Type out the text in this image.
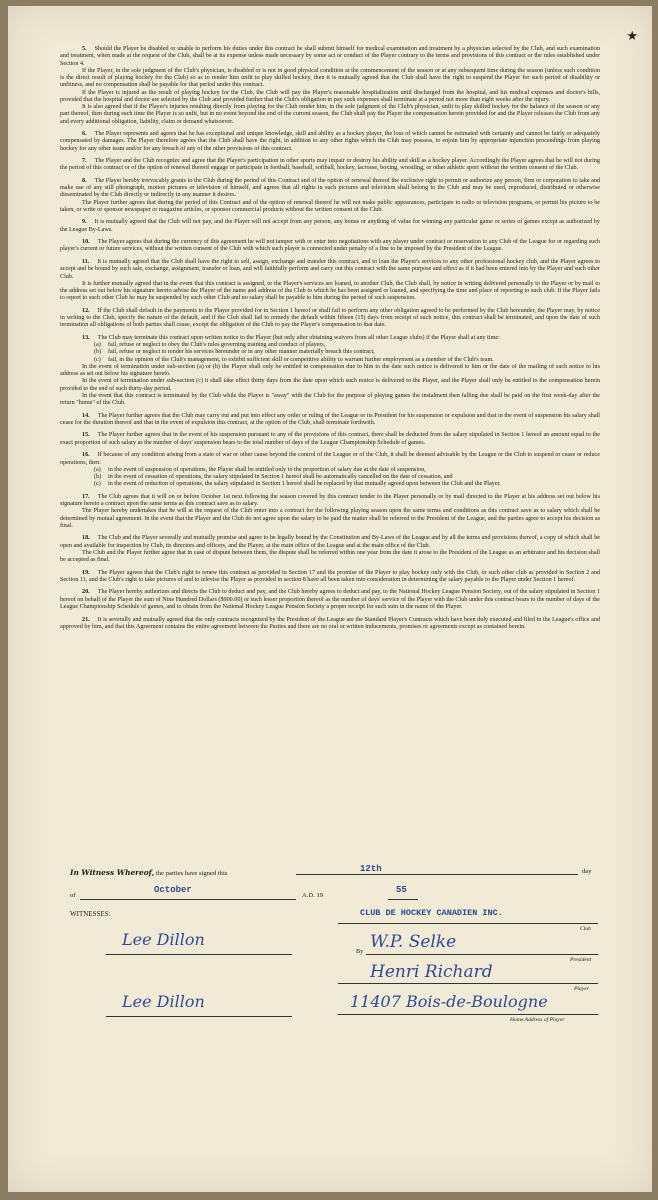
★

5. Should the Player be disabled or unable to perform his duties under this contract he shall submit himself for medical examination and treatment by a physician selected by the Club, and such examination and treatment, when made at the request of the Club, shall be at its expense unless made necessary by some act or conduct of the Player contrary to the terms and provisions of this contract or the rules established under Section 4.

If the Player, in the sole judgment of the Club's physician, is disabled or is not in good physical condition at the commencement of the season or at any subsequent time during the season (unless such condition is the direct result of playing hockey for the Club) so as to render him unfit to play skilled hockey, then it is mutually agreed that the Club shall have the right to suspend the Player for such period of disability or unfitness, and no compensation shall be payable for that period under this contract.

If the Player is injured as the result of playing hockey for the Club, the Club will pay the Player's reasonable hospitalization until discharged from the hospital, and his medical expenses and doctor's bills, provided that the hospital and doctor are selected by the Club and provided further that the Club's obligation to pay such expenses shall terminate at a period not more than eight weeks after the injury.

It is also agreed that if the Player's injuries resulting directly from playing for the Club render him, in the sole judgment of the Club's physician, unfit to play skilled hockey for the balance of the season or any part thereof, then during such time the Player is so unfit, but in no event beyond the end of the current season, the Club shall pay the Player the compensation herein provided for and the Player releases the Club from any and every additional obligation, liability, claim or demand whatsoever.

6. The Player represents and agrees that he has exceptional and unique knowledge, skill and ability as a hockey player, the loss of which cannot be estimated with certainty and cannot be fairly or adequately compensated by damages. The Player therefore agrees that the Club shall have the right, in addition to any other rights which the Club may possess, to enjoin him by appropriate injunction proceedings from playing hockey for any other team and/or for any breach of any of the other provisions of this contract.

7. The Player and the Club recognize and agree that the Player's participation in other sports may impair or destroy his ability and skill as a hockey player. Accordingly the Player agrees that he will not during the period of this contract or of the option of renewal thereof engage or participate in football, baseball, softball, hockey, lacrosse, boxing, wrestling, or other athletic sport without the written consent of the Club.

8. The Player hereby irrevocably grants to the Club during the period of this Contract and of the option of renewal thereof the exclusive right to permit or authorize any person, firm or corporation to take and make use of any still photograph, motion pictures or television of himself, and agrees that all rights in such pictures and television shall belong to the Club and may be used, reproduced, distributed or otherwise disseminated by the Club directly or indirectly in any manner it desires.

The Player further agrees that during the period of this Contract and of the option of renewal thereof he will not make public appearances, participate in radio or television programs, or permit his picture to be taken, or write or sponsor newspaper or magazine articles, or sponsor commercial products without the written consent of the Club.

9. It is mutually agreed that the Club will not pay, and the Player will not accept from any person, any bonus or anything of value for winning any particular game or series of games except as authorized by the League By-Laws.

10. The Player agrees that during the currency of this agreement he will not tamper with or enter into negotiations with any player under contract or reservation to any Club of the League for or regarding such player's current or future services, without the written consent of the Club with which such player is connected under penalty of a fine to be imposed by the President of the League.

11. It is mutually agreed that the Club shall have the right to sell, assign, exchange and transfer this contract, and to loan the Player's services to any other professional hockey club, and the Player agrees to accept and be bound by such sale, exchange, assignment, transfer or loan, and will faithfully perform and carry out this contract with the same purpose and effect as if it had been entered into by the Player and such other Club.

It is further mutually agreed that in the event that this contract is assigned, or the Player's services are loaned, to another Club, the Club shall, by notice in writing delivered personally to the Player or by mail to the address set out below his signature hereto advise the Player of the name and address of the Club to which he has been assigned or loaned, and specifying the time and place of reporting to such club. If the Player fails to report to such other Club he may be suspended by such other Club and no salary shall be payable to him during the period of such suspension.

12. If the Club shall default in the payments to the Player provided for in Section 1 hereof or shall fail to perform any other obligation agreed to be performed by the Club hereunder, the Player may, by notice in writing to the Club, specify the nature of the default, and if the Club shall fail to remedy the default within fifteen (15) days from receipt of such notice, this contract shall be terminated, and upon the date of such termination all obligations of both parties shall cease, except the obligation of the Club to pay the Player's compensation to that date.

13. The Club may terminate this contract upon written notice to the Player (but only after obtaining waivers from all other League clubs) if the Player shall at any time:

(a) fail, refuse or neglect to obey the Club's rules governing training and conduct of players,
(b) fail, refuse or neglect to render his services hereunder or in any other manner materially breach this contract,
(c) fail, in the opinion of the Club's management, to exhibit sufficient skill or competitive ability to warrant further employment as a member of the Club's team.

In the event of termination under sub-section (a) or (b) the Player shall only be entitled to compensation due to him to the date such notice is delivered to him or the date of the mailing of such notice to his address as set out below his signature hereto.

In the event of termination under sub-section (c) it shall take effect thirty days from the date upon which such notice is delivered to the Player, and the Player shall only be entitled to the compensation herein provided to the end of such thirty-day period.

In the event that this contract is terminated by the Club while the Player is "away" with the Club for the purpose of playing games the instalment then falling due shall be paid on the first week-day after the return "home" of the Club.

14. The Player further agrees that the Club may carry out and put into effect any order or ruling of the League or its President for his suspension or expulsion and that in the event of suspension his salary shall cease for the duration thereof and that in the event of expulsion this contract, at the option of the Club, shall terminate forthwith.

15. The Player further agrees that in the event of his suspension pursuant to any of the provisions of this contract, there shall be deducted from the salary stipulated in Section 1 hereof an amount equal to the exact proportion of such salary as the number of days' suspension bears to the total number of days of the League Championship Schedule of games.

16. If because of any condition arising from a state of war or other cause beyond the control of the League or of the Club, it shall be deemed advisable by the League or the Club to suspend or cease or reduce operations, then:

(a) in the event of suspension of operations, the Player shall be entitled only to the proportion of salary due at the date of suspension,
(b) in the event of cessation of operations, the salary stipulated in Section 1 hereof shall be automatically cancelled on the date of cessation, and
(c) in the event of reduction of operations, the salary stipulated in Section 1 hereof shall be replaced by that mutually agreed upon between the Club and the Player.

17. The Club agrees that it will on or before October 1st next following the season covered by this contract tender to the Player personally or by mail directed to the Player at his address set out below his signature hereto a contract upon the same terms as this contract save as to salary.

The Player hereby undertakes that he will at the request of the Club enter into a contract for the following playing season upon the same terms and conditions as this contract save as to salary which shall be determined by mutual agreement. In the event that the Player and the Club do not agree upon the salary to be paid the matter shall be referred to the President of the League, and the parties agree to accept his decision as final.

18. The Club and the Player severally and mutually promise and agree to be legally bound by the Constitution and By-Laws of the League and by all the terms and provisions thereof, a copy of which shall be open and available for inspection by Club, its directors and officers, and the Player, at the main office of the League and at the main office of the Club.

The Club and the Player further agree that in case of dispute between them, the dispute shall be referred within one year from the date it arose to the President of the League as an arbitrator and his decision shall be accepted as final.

19. The Player agrees that the Club's right to renew this contract as provided in Section 17 and the promise of the Player to play hockey only with the Club, or such other club as provided in Section 2 and Section 11, and the Club's right to take pictures of and to televise the Player as provided in section 8 have all been taken into consideration in determining the salary payable to the Player under Section 1 hereof.

20. The Player hereby authorizes and directs the Club to deduct and pay, and the Club hereby agrees to deduct and pay, to the National Hockey League Pension Society, out of the salary stipulated in Section 1 hereof on behalf of the Player the sum of Nine Hundred Dollars ($900.00) or such lesser proportion thereof as the number of days' service of the Player with the Club under this contract bears to the number of days of the League Championship Schedule of games, and to obtain from the National Hockey League Pension Society a proper receipt for such sum in the name of the Player.

21. It is severally and mutually agreed that the only contracts recognized by the President of the League are the Standard Player's Contracts which have been duly executed and filed in the League's office and approved by him, and that this Agreement contains the entire agreement between the Parties and there are no oral or written inducements, promises or agreements except as contained herein.

In Witness Whereof, the parties have signed this	12th	day
of
October
A.D. 19
55
WITNESSES:	CLUB DE HOCKEY CANADIEN INC.
Club
Lee Dillon
By W.P. Selke
President
Henri Richard
Player
Lee Dillon	11407 Bois-de-Boulogne
Home Address of Player
